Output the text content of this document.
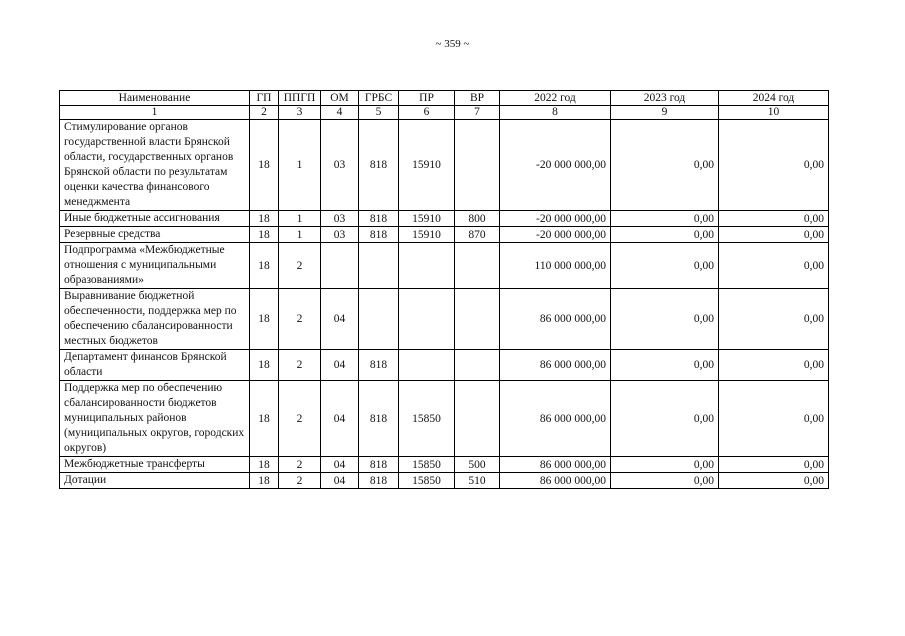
~ 359 ~
Наименование	ГП	ППГП	ОМ	ГРБС	ПР	ВР	2022 год	2023 год	2024 год
1	2	3	4	5	6	7	8	9	10
Стимулирование органов государственной власти Брянской области, государственных органов Брянской области по результатам оценки качества финансового менеджмента	18	1	03	818	15910		-20 000 000,00	0,00	0,00
Иные бюджетные ассигнования	18	1	03	818	15910	800	-20 000 000,00	0,00	0,00
Резервные средства	18	1	03	818	15910	870	-20 000 000,00	0,00	0,00
Подпрограмма «Межбюджетные отношения с муниципальными образованиями»	18	2					110 000 000,00	0,00	0,00
Выравнивание бюджетной обеспеченности, поддержка мер по обеспечению сбалансированности местных бюджетов	18	2	04				86 000 000,00	0,00	0,00
Департамент финансов Брянской области	18	2	04	818			86 000 000,00	0,00	0,00
Поддержка мер по обеспечению сбалансированности бюджетов муниципальных районов (муниципальных округов, городских округов)	18	2	04	818	15850		86 000 000,00	0,00	0,00
Межбюджетные трансферты	18	2	04	818	15850	500	86 000 000,00	0,00	0,00
Дотации	18	2	04	818	15850	510	86 000 000,00	0,00	0,00
